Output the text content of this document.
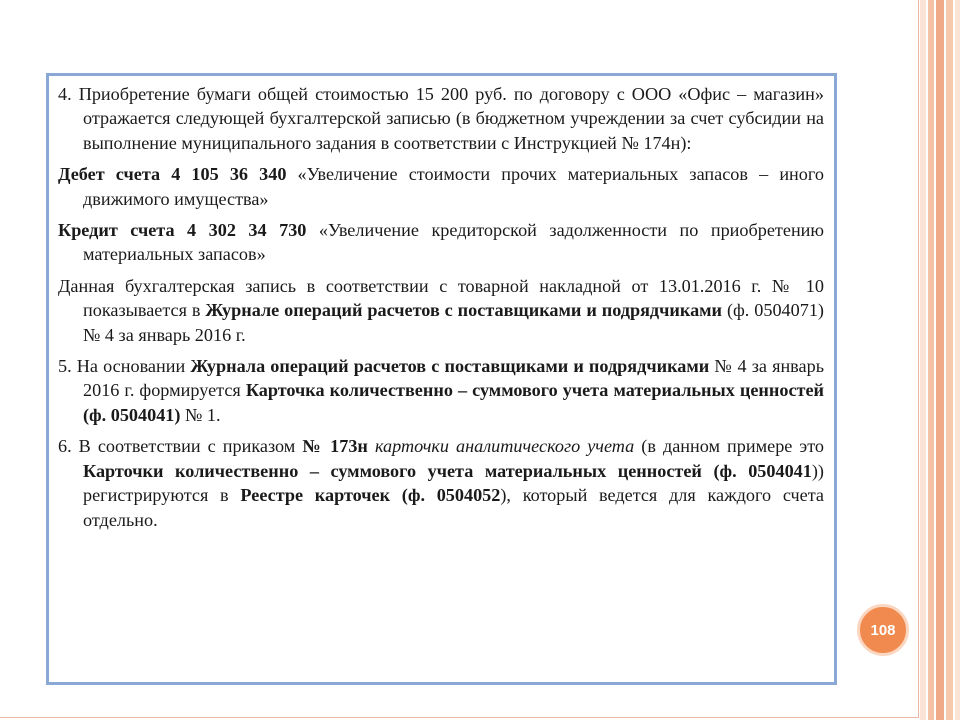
4. Приобретение бумаги общей стоимостью 15 200 руб. по договору с ООО «Офис – магазин» отражается следующей бухгалтерской записью (в бюджетном учреждении за счет субсидии на выполнение муниципального задания в соответствии с Инструкцией № 174н):

Дебет счета 4 105 36 340 «Увеличение стоимости прочих материальных запасов – иного движимого имущества»

Кредит счета 4 302 34 730 «Увеличение кредиторской задолженности по приобретению материальных запасов»

Данная бухгалтерская запись в соответствии с товарной накладной от 13.01.2016 г. № 10 показывается в Журнале операций расчетов с поставщиками и подрядчиками (ф. 0504071) № 4 за январь 2016 г.

5. На основании Журнала операций расчетов с поставщиками и подрядчиками № 4 за январь 2016 г. формируется Карточка количественно – суммового учета материальных ценностей (ф. 0504041) № 1.

6. В соответствии с приказом № 173н карточки аналитического учета (в данном примере это Карточки количественно – суммового учета материальных ценностей (ф. 0504041)) регистрируются в Реестре карточек (ф. 0504052), который ведется для каждого счета отдельно.

108
